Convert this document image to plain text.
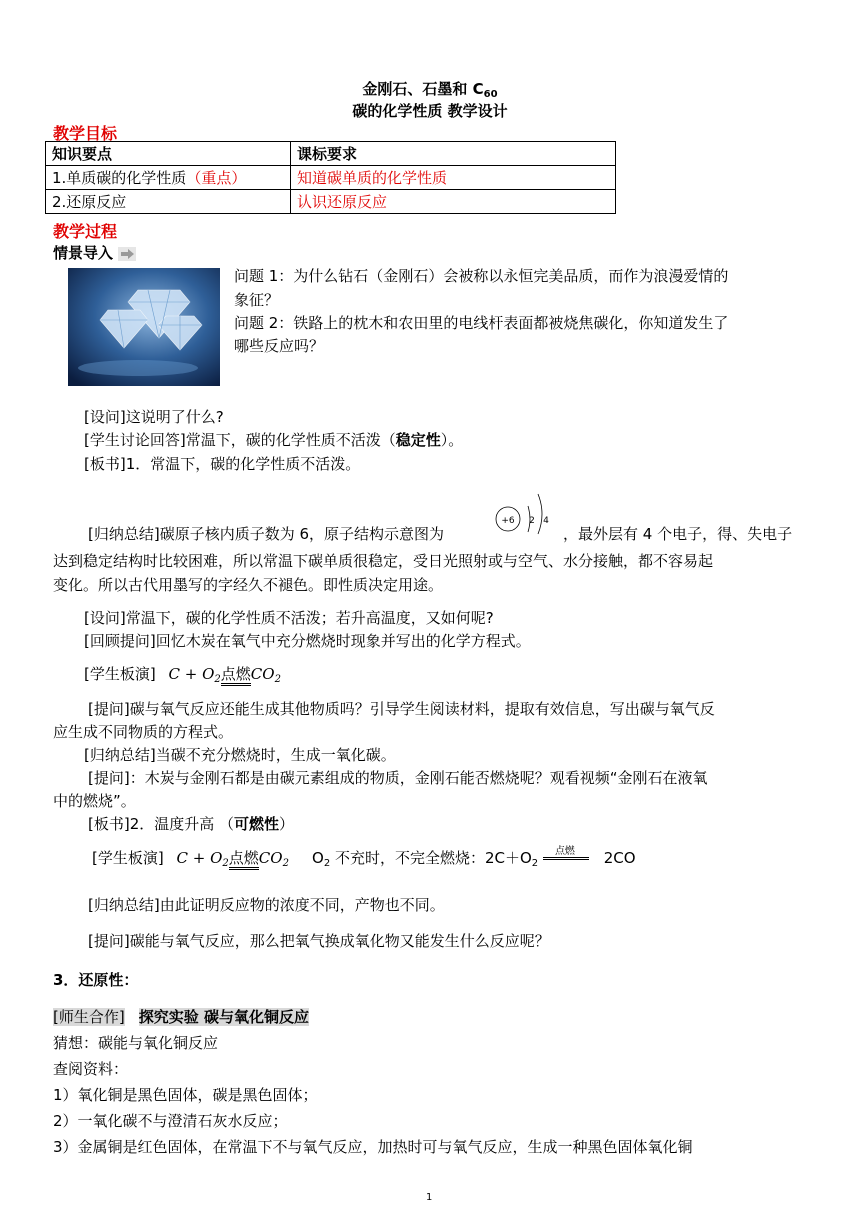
金刚石、石墨和 $C_{60}$
碳的化学性质 教学设计
教学目标
知识要点	课标要求
1.单质碳的化学性质（重点）	知道碳单质的化学性质
2.还原反应	认识还原反应
教学过程
情景导入
问题 1：为什么钻石（金刚石）会被称以永恒完美品质，而作为浪漫爱情的
象征？
问题 2：铁路上的枕木和农田里的电线杆表面都被烧焦碳化，你知道发生了
哪些反应吗？
[设问]这说明了什么?
[学生讨论回答]常温下，碳的化学性质不活泼（稳定性）。
[板书]1．常温下，碳的化学性质不活泼。
+6 2 4
[归纳总结]碳原子核内质子数为 6，原子结构示意图为	，最外层有 4 个电子，得、失电子
达到稳定结构时比较困难，所以常温下碳单质很稳定，受日光照射或与空气、水分接触，都不容易起
变化。所以古代用墨写的字经久不褪色。即性质决定用途。
[设问]常温下，碳的化学性质不活泼；若升高温度，又如何呢?
[回顾提问]回忆木炭在氧气中充分燃烧时现象并写出的化学方程式。
[学生板演] $C + O_2$点燃$CO_2$
[提问]碳与氧气反应还能生成其他物质吗？引导学生阅读材料，提取有效信息，写出碳与氧气反
应生成不同物质的方程式。
[归纳总结]当碳不充分燃烧时，生成一氧化碳。
[提问]：木炭与金刚石都是由碳元素组成的物质，金刚石能否燃烧呢？观看视频“金刚石在液氧
中的燃烧”。
[板书]2．温度升高 （可燃性）
[学生板演] $C + O_2$点燃$CO_2$ $O_2$ 不充时，不完全燃烧：$2C+O_2$
点燃 2CO
[归纳总结]由此证明反应物的浓度不同，产物也不同。
[提问]碳能与氧气反应，那么把氧气换成氧化物又能发生什么反应呢？
3．还原性：
[师生合作] 探究实验 碳与氧化铜反应
猜想：碳能与氧化铜反应
查阅资料：
1）氧化铜是黑色固体，碳是黑色固体；
2）一氧化碳不与澄清石灰水反应；
3）金属铜是红色固体，在常温下不与氧气反应，加热时可与氧气反应，生成一种黑色固体氧化铜
1
